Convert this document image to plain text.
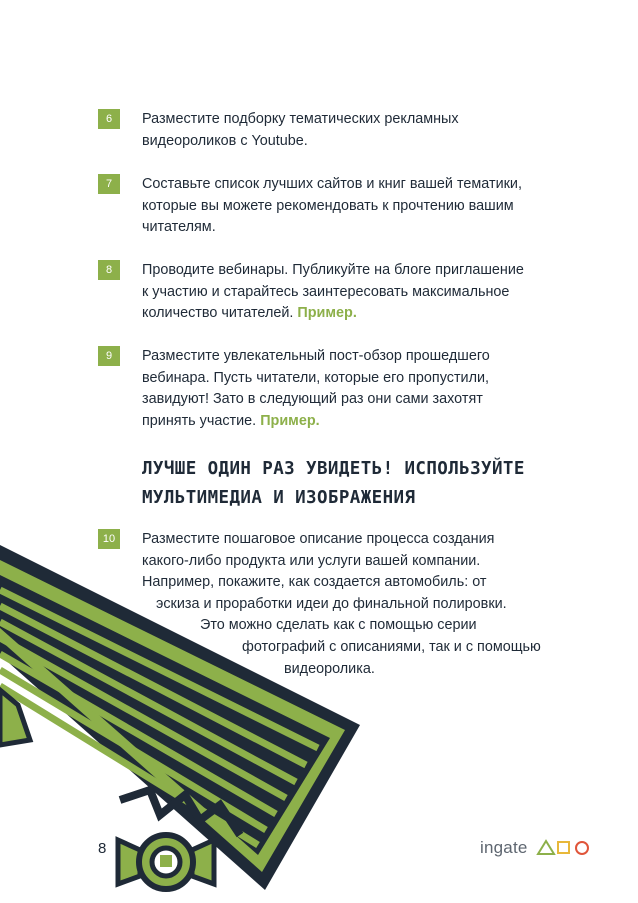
6	Разместите подборку тематических рекламных
видеороликов с Youtube.
7	Составьте список лучших сайтов и книг вашей тематики,
которые вы можете рекомендовать к прочтению вашим
читателям.
8	Проводите вебинары. Публикуйте на блоге приглашение
к участию и старайтесь заинтересовать максимальное
количество читателей. Пример.
9	Разместите увлекательный пост-обзор прошедшего
вебинара. Пусть читатели, которые его пропустили,
завидуют! Зато в следующий раз они сами захотят
принять участие. Пример.
ЛУЧШЕ ОДИН РАЗ УВИДЕТЬ! ИСПОЛЬЗУЙТЕ
МУЛЬТИМЕДИА И ИЗОБРАЖЕНИЯ
10	Разместите пошаговое описание процесса создания
какого-либо продукта или услуги вашей компании.
Например, покажите, как создается автомобиль: от
эскиза и проработки идеи до финальной полировки.
Это можно сделать как с помощью серии
фотографий с описаниями, так и с помощью
видеоролика.
8	ingate
